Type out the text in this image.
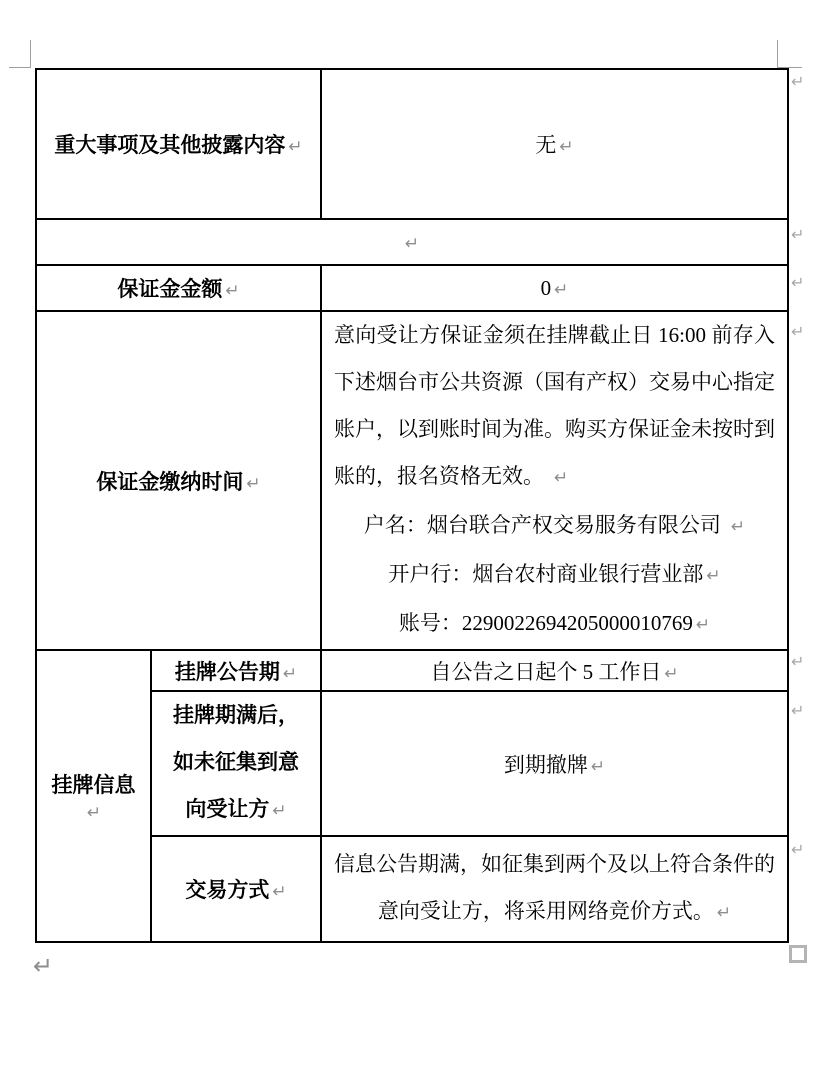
重大事项及其他披露内容 ↵		无 ↵
↵		
保证金金额 ↵		0 ↵
保证金缴纳时间 ↵		意向受让方保证金须在挂牌截止日 16:00 前存入下述烟台市公共资源（国有产权）交易中心指定账户，以到账时间为准。购买方保证金未按时到账的，报名资格无效。 ↵

户名：烟台联合产权交易服务有限公司 ↵

开户行：烟台农村商业银行营业部 ↵

账号：2290022694205000010769 ↵

挂牌信息↵	挂牌公告期 ↵	自公告之日起个 5 工作日 ↵
	挂牌期满后，如未征集到意向受让方 ↵	到期撤牌 ↵
	交易方式 ↵	信息公告期满，如征集到两个及以上符合条件的意向受让方，将采用网络竞价方式。 ↵
↵
↵
↵
↵
↵
↵
↵
↵
